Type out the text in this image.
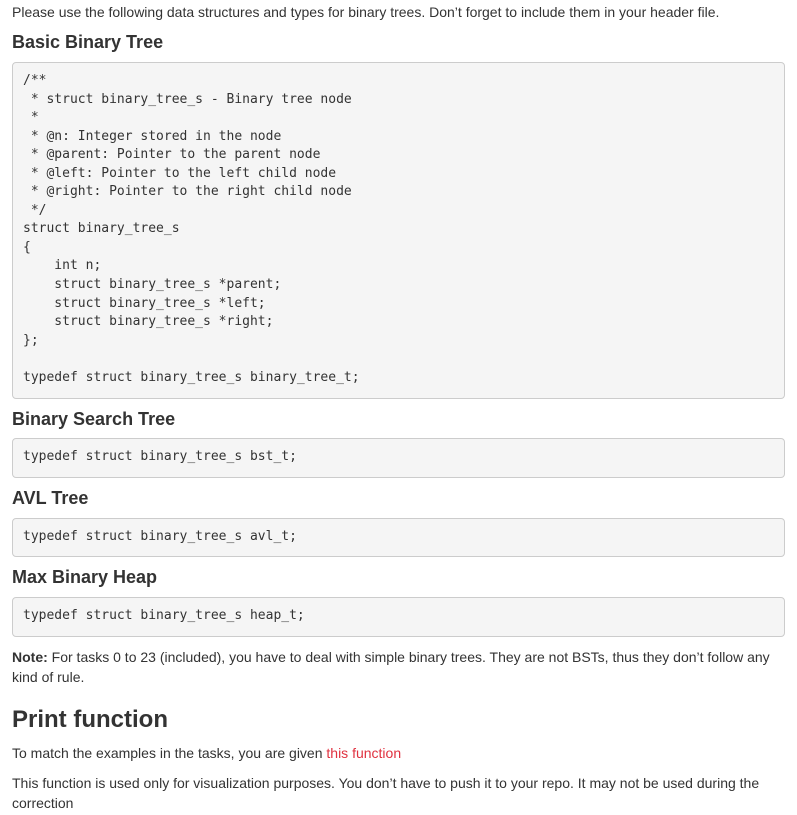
Please use the following data structures and types for binary trees. Don’t forget to include them in your header file.

Basic Binary Tree
/**
* struct binary_tree_s - Binary tree node
*
* @n: Integer stored in the node
* @parent: Pointer to the parent node
* @left: Pointer to the left child node
* @right: Pointer to the right child node
*/
struct binary_tree_s
{
int n;
struct binary_tree_s *parent;
struct binary_tree_s *left;
struct binary_tree_s *right;
};

typedef struct binary_tree_s binary_tree_t;
Binary Search Tree
typedef struct binary_tree_s bst_t;
AVL Tree
typedef struct binary_tree_s avl_t;
Max Binary Heap
typedef struct binary_tree_s heap_t;

Note: For tasks 0 to 23 (included), you have to deal with simple binary trees. They are not BSTs, thus they don’t follow any kind of rule.

Print function

To match the examples in the tasks, you are given this function

This function is used only for visualization purposes. You don’t have to push it to your repo. It may not be used during the correction
